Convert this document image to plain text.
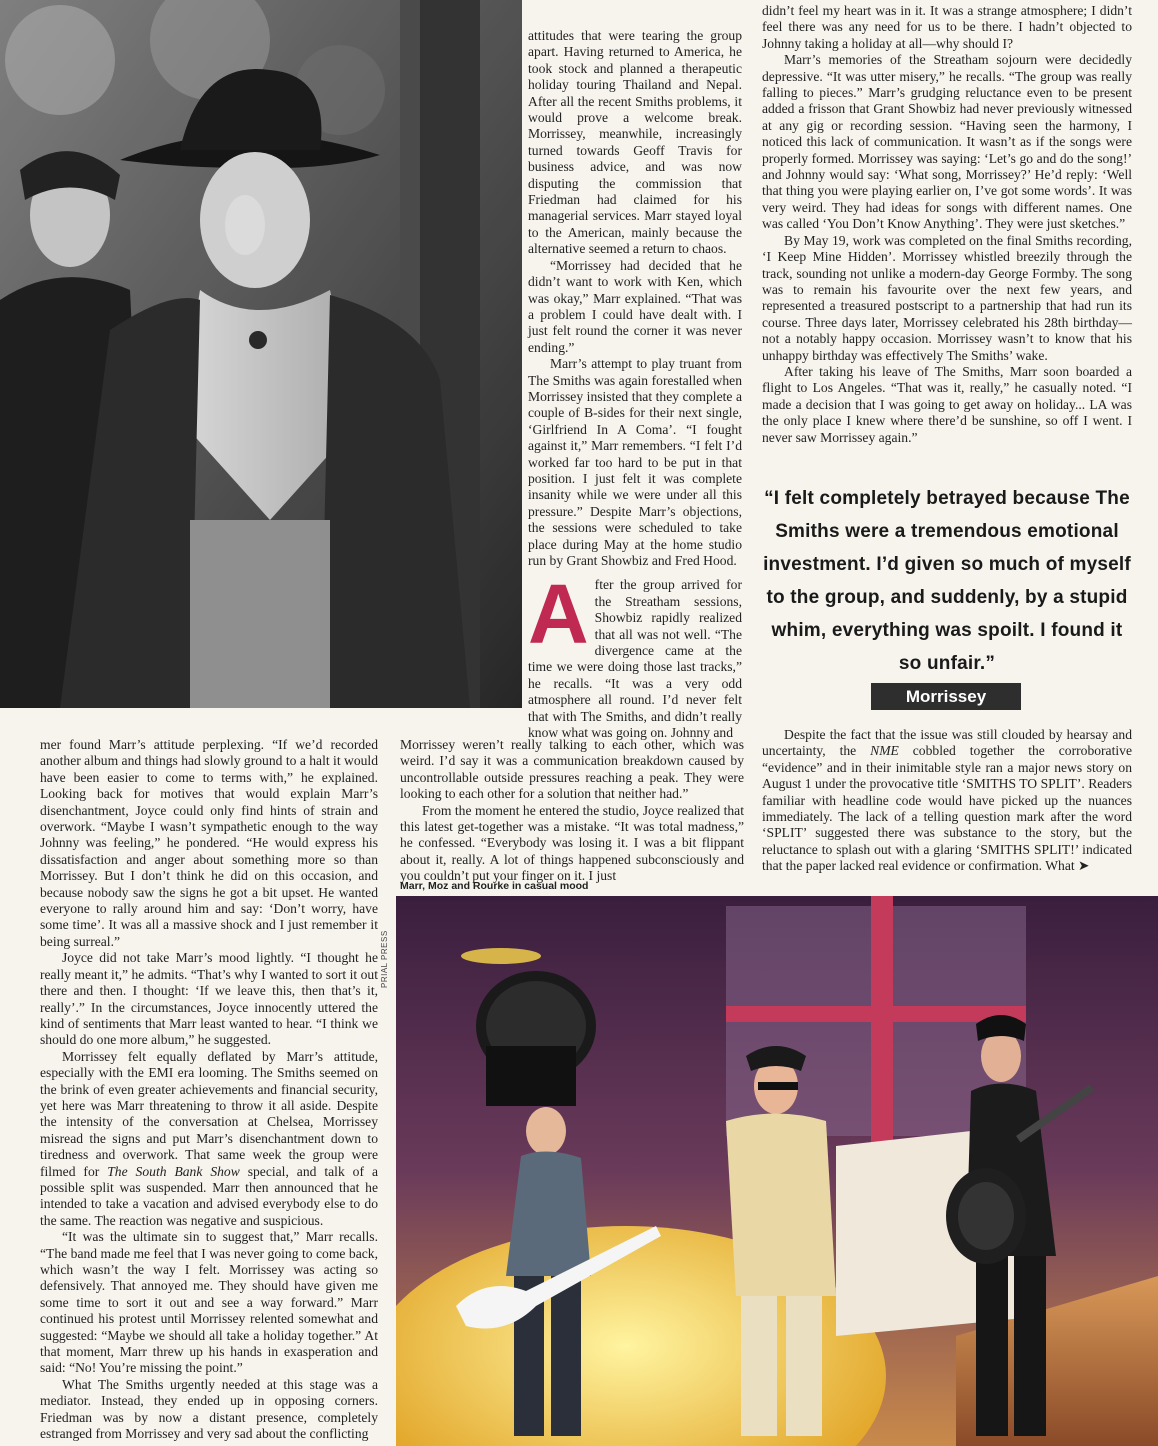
attitudes that were tearing the group apart. Having returned to America, he took stock and planned a therapeutic holiday touring Thailand and Nepal. After all the recent Smiths problems, it would prove a welcome break. Morrissey, meanwhile, increasingly turned towards Geoff Travis for business advice, and was now disputing the commission that Friedman had claimed for his managerial services. Marr stayed loyal to the American, mainly because the alternative seemed a return to chaos.

“Morrissey had decided that he didn’t want to work with Ken, which was okay,” Marr explained. “That was a problem I could have dealt with. I just felt round the corner it was never ending.”

Marr’s attempt to play truant from The Smiths was again forestalled when Morrissey insisted that they complete a couple of B-sides for their next single, ‘Girlfriend In A Coma’. “I fought against it,” Marr remembers. “I felt I’d worked far too hard to be put in that position. I just felt it was complete insanity while we were under all this pressure.” Despite Marr’s objections, the sessions were scheduled to take place during May at the home studio run by Grant Showbiz and Fred Hood.

After the group arrived for the Streatham sessions, Showbiz rapidly realized that all was not well. “The divergence came at the time we were doing those last tracks,” he recalls. “It was a very odd atmosphere all round. I’d never felt that with The Smiths, and didn’t really know what was going on. Johnny and

didn’t feel my heart was in it. It was a strange atmosphere; I didn’t feel there was any need for us to be there. I hadn’t objected to Johnny taking a holiday at all—why should I?

Marr’s memories of the Streatham sojourn were decidedly depressive. “It was utter misery,” he recalls. “The group was really falling to pieces.” Marr’s grudging reluctance even to be present added a frisson that Grant Showbiz had never previously witnessed at any gig or recording session. “Having seen the harmony, I noticed this lack of communication. It wasn’t as if the songs were properly formed. Morrissey was saying: ‘Let’s go and do the song!’ and Johnny would say: ‘What song, Morrissey?’ He’d reply: ‘Well that thing you were playing earlier on, I’ve got some words’. It was very weird. They had ideas for songs with different names. One was called ‘You Don’t Know Anything’. They were just sketches.”

By May 19, work was completed on the final Smiths recording, ‘I Keep Mine Hidden’. Morrissey whistled breezily through the track, sounding not unlike a modern-day George Formby. The song was to remain his favourite over the next few years, and represented a treasured postscript to a partnership that had run its course. Three days later, Morrissey celebrated his 28th birthday—not a notably happy occasion. Morrissey wasn’t to know that his unhappy birthday was effectively The Smiths’ wake.

After taking his leave of The Smiths, Marr soon boarded a flight to Los Angeles. “That was it, really,” he casually noted. “I made a decision that I was going to get away on holiday... LA was the only place I knew where there’d be sunshine, so off I went. I never saw Morrissey again.”

“I felt completely betrayed because The Smiths were a tremendous emotional investment. I’d given so much of myself to the group, and suddenly, by a stupid whim, everything was spoilt. I found it so unfair.”
Morrissey

Despite the fact that the issue was still clouded by hearsay and uncertainty, the NME cobbled together the corroborative “evidence” and in their inimitable style ran a major news story on August 1 under the provocative title ‘SMITHS TO SPLIT’. Readers familiar with headline code would have picked up the nuances immediately. The lack of a telling question mark after the word ‘SPLIT’ suggested there was substance to the story, but the reluctance to splash out with a glaring ‘SMITHS SPLIT!’ indicated that the paper lacked real evidence or confirmation. What ➤

Morrissey weren’t really talking to each other, which was weird. I’d say it was a communication breakdown caused by uncontrollable outside pressures reaching a peak. They were looking to each other for a solution that neither had.”

From the moment he entered the studio, Joyce realized that this latest get-together was a mistake. “It was total madness,” he confessed. “Everybody was losing it. I was a bit flippant about it, really. A lot of things happened subconsciously and you couldn’t put your finger on it. I just

mer found Marr’s attitude perplexing. “If we’d recorded another album and things had slowly ground to a halt it would have been easier to come to terms with,” he explained. Looking back for motives that would explain Marr’s disenchantment, Joyce could only find hints of strain and overwork. “Maybe I wasn’t sympathetic enough to the way Johnny was feeling,” he pondered. “He would express his dissatisfaction and anger about something more so than Morrissey. But I don’t think he did on this occasion, and because nobody saw the signs he got a bit upset. He wanted everyone to rally around him and say: ‘Don’t worry, have some time’. It was all a massive shock and I just remember it being surreal.”

Joyce did not take Marr’s mood lightly. “I thought he really meant it,” he admits. “That’s why I wanted to sort it out there and then. I thought: ‘If we leave this, then that’s it, really’.” In the circumstances, Joyce innocently uttered the kind of sentiments that Marr least wanted to hear. “I think we should do one more album,” he suggested.

Morrissey felt equally deflated by Marr’s attitude, especially with the EMI era looming. The Smiths seemed on the brink of even greater achievements and financial security, yet here was Marr threatening to throw it all aside. Despite the intensity of the conversation at Chelsea, Morrissey misread the signs and put Marr’s disenchantment down to tiredness and overwork. That same week the group were filmed for The South Bank Show special, and talk of a possible split was suspended. Marr then announced that he intended to take a vacation and advised everybody else to do the same. The reaction was negative and suspicious.

“It was the ultimate sin to suggest that,” Marr recalls. “The band made me feel that I was never going to come back, which wasn’t the way I felt. Morrissey was acting so defensively. That annoyed me. They should have given me some time to sort it out and see a way forward.” Marr continued his protest until Morrissey relented somewhat and suggested: “Maybe we should all take a holiday together.” At that moment, Marr threw up his hands in exasperation and said: “No! You’re missing the point.”

What The Smiths urgently needed at this stage was a mediator. Instead, they ended up in opposing corners. Friedman was by now a distant presence, completely estranged from Morrissey and very sad about the conflicting

Marr, Moz and Rourke in casual mood
PRIAL PRESS
